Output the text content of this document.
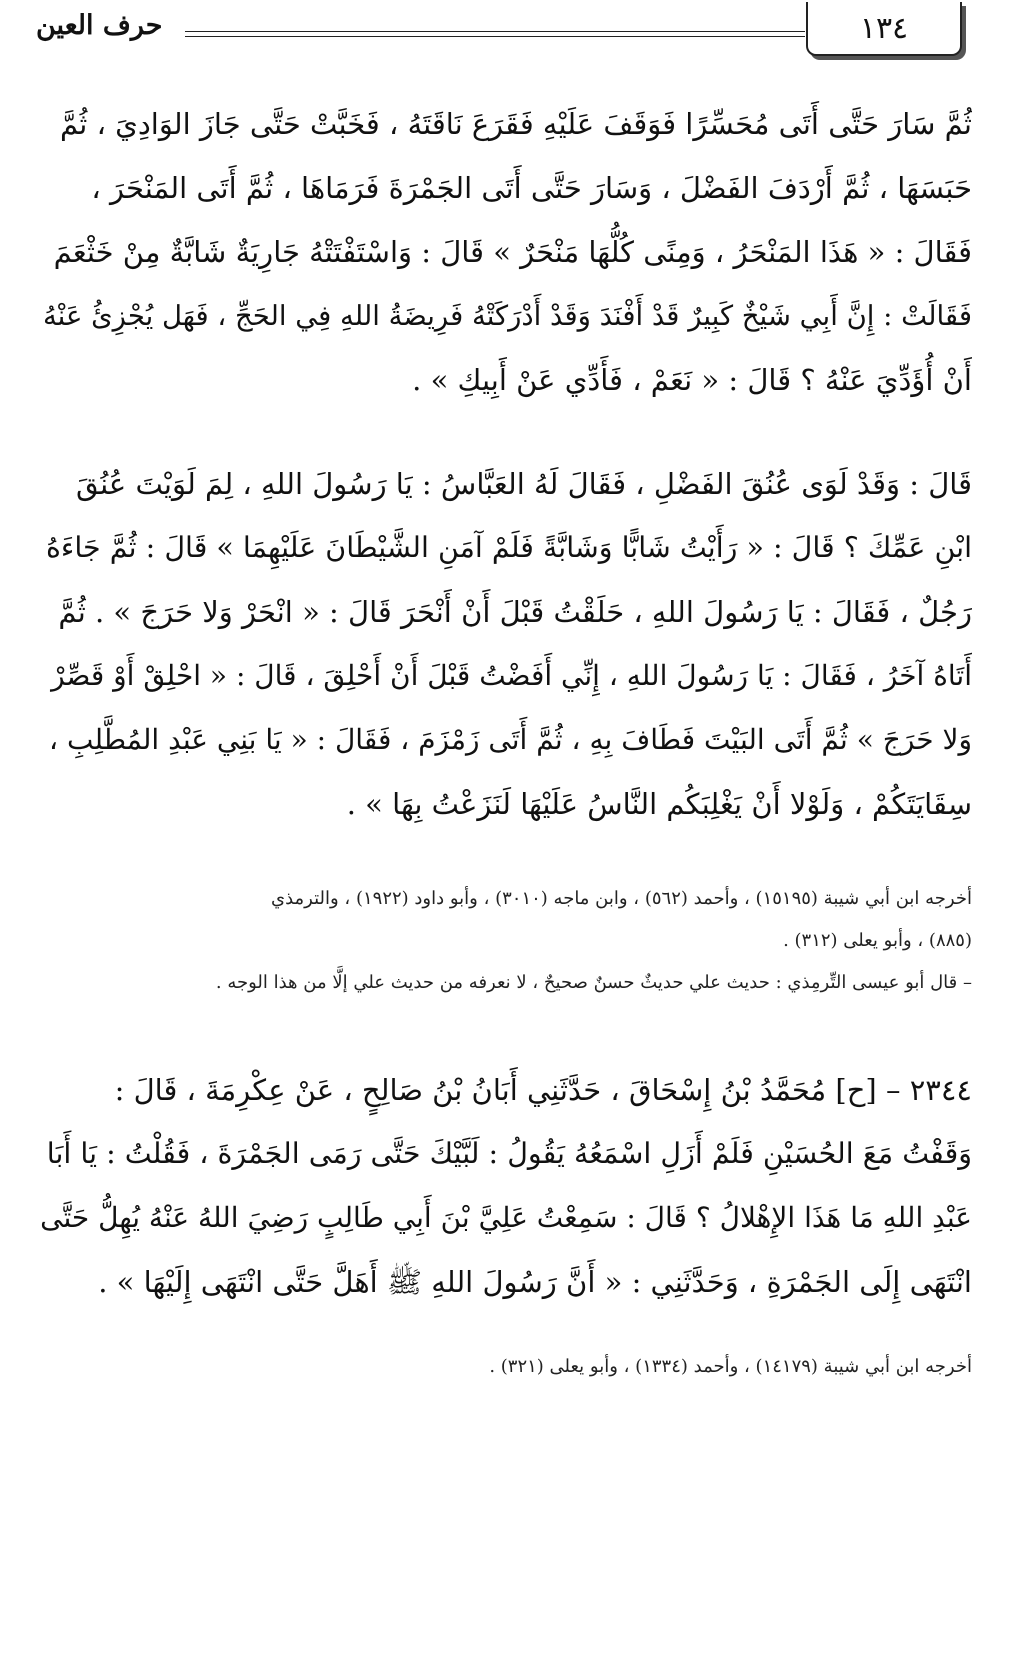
١٣٤
حرف العين
ثُمَّ سَارَ حَتَّى أَتَى مُحَسِّرًا فَوَقَفَ عَلَيْهِ فَقَرَعَ نَاقَتَهُ ، فَخَبَّتْ حَتَّى جَازَ الوَادِيَ ، ثُمَّ
حَبَسَهَا ، ثُمَّ أَرْدَفَ الفَضْلَ ، وَسَارَ حَتَّى أَتَى الجَمْرَةَ فَرَمَاهَا ، ثُمَّ أَتَى المَنْحَرَ ،
فَقَالَ : « هَذَا المَنْحَرُ ، وَمِنًى كُلُّهَا مَنْحَرٌ » قَالَ : وَاسْتَفْتَتْهُ جَارِيَةٌ شَابَّةٌ مِنْ خَثْعَمَ
فَقَالَتْ : إِنَّ أَبِي شَيْخٌ كَبِيرٌ قَدْ أَفْنَدَ وَقَدْ أَدْرَكَتْهُ فَرِيضَةُ اللهِ فِي الحَجِّ ، فَهَل يُجْزِئُ عَنْهُ
أَنْ أُؤَدِّيَ عَنْهُ ؟ قَالَ : « نَعَمْ ، فَأَدِّي عَنْ أَبِيكِ » .
قَالَ : وَقَدْ لَوَى عُنُقَ الفَضْلِ ، فَقَالَ لَهُ العَبَّاسُ : يَا رَسُولَ اللهِ ، لِمَ لَوَيْتَ عُنُقَ
ابْنِ عَمِّكَ ؟ قَالَ : « رَأَيْتُ شَابًّا وَشَابَّةً فَلَمْ آمَنِ الشَّيْطَانَ عَلَيْهِمَا » قَالَ : ثُمَّ جَاءَهُ
رَجُلٌ ، فَقَالَ : يَا رَسُولَ اللهِ ، حَلَقْتُ قَبْلَ أَنْ أَنْحَرَ قَالَ : « انْحَرْ وَلا حَرَجَ » . ثُمَّ
أَتَاهُ آخَرُ ، فَقَالَ : يَا رَسُولَ اللهِ ، إِنِّي أَفَضْتُ قَبْلَ أَنْ أَحْلِقَ ، قَالَ : « احْلِقْ أَوْ قَصِّرْ
وَلا حَرَجَ » ثُمَّ أَتَى البَيْتَ فَطَافَ بِهِ ، ثُمَّ أَتَى زَمْزَمَ ، فَقَالَ : « يَا بَنِي عَبْدِ المُطَّلِبِ ،
سِقَايَتَكُمْ ، وَلَوْلا أَنْ يَغْلِبَكُم النَّاسُ عَلَيْهَا لَنَزَعْتُ بِهَا » .
أخرجه ابن أبي شيبة (١٥١٩٥) ، وأحمد (٥٦٢) ، وابن ماجه (٣٠١٠) ، وأبو داود (١٩٢٢) ، والترمذي
(٨٨٥) ، وأبو يعلى (٣١٢) .
– قال أبو عيسى التِّرمِذي : حديث علي حديثٌ حسنٌ صحيحٌ ، لا نعرفه من حديث علي إلَّا من هذا الوجه .
٢٣٤٤ – [ح] مُحَمَّدُ بْنُ إِسْحَاقَ ، حَدَّثَنِي أَبَانُ بْنُ صَالِحٍ ، عَنْ عِكْرِمَةَ ، قَالَ :
وَقَفْتُ مَعَ الحُسَيْنِ فَلَمْ أَزَلِ اسْمَعُهُ يَقُولُ : لَبَّيْكَ حَتَّى رَمَى الجَمْرَةَ ، فَقُلْتُ : يَا أَبَا
عَبْدِ اللهِ مَا هَذَا الإِهْلالُ ؟ قَالَ : سَمِعْتُ عَلِيَّ بْنَ أَبِي طَالِبٍ رَضِيَ اللهُ عَنْهُ يُهِلُّ حَتَّى
انْتَهَى إِلَى الجَمْرَةِ ، وَحَدَّثَنِي : « أَنَّ رَسُولَ اللهِ ﷺ أَهَلَّ حَتَّى انْتَهَى إِلَيْهَا » .
أخرجه ابن أبي شيبة (١٤١٧٩) ، وأحمد (١٣٣٤) ، وأبو يعلى (٣٢١) .
